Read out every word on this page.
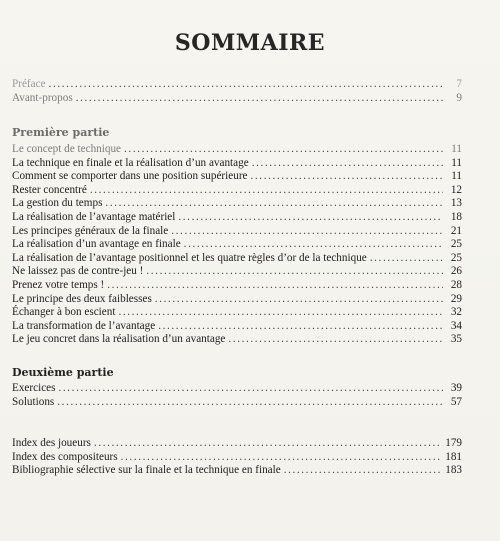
SOMMAIRE
Préface .....	7
Avant-propos .....	9
Première partie
Le concept de technique .....	11
La technique en finale et la réalisation d’un avantage .....	11
Comment se comporter dans une position supérieure .....	11
Rester concentré .....	12
La gestion du temps .....	13
La réalisation de l’avantage matériel .....	18
Les principes généraux de la finale .....	21
La réalisation d’un avantage en finale .....	25
La réalisation de l’avantage positionnel et les quatre règles d’or de la technique .....	25
Ne laissez pas de contre-jeu ! .....	26
Prenez votre temps ! .....	28
Le principe des deux faiblesses .....	29
Échanger à bon escient .....	32
La transformation de l’avantage .....	34
Le jeu concret dans la réalisation d’un avantage .....	35
Deuxième partie
Exercices .....	39
Solutions .....	57
Index des joueurs .....	179
Index des compositeurs .....	181
Bibliographie sélective sur la finale et la technique en finale .....	183
